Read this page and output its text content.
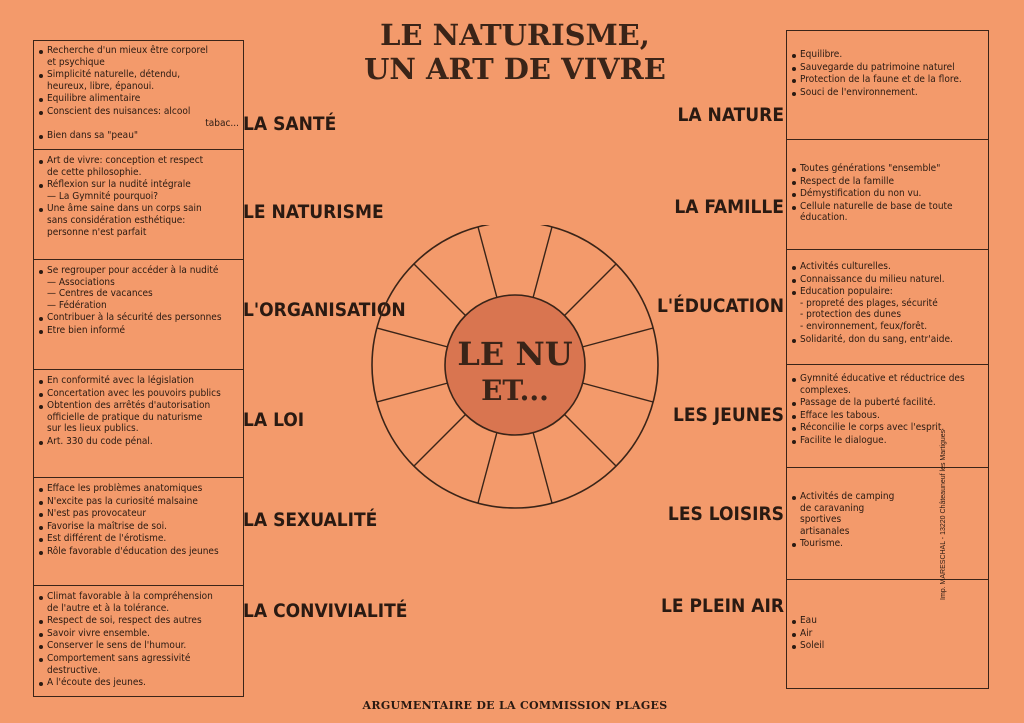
LE NATURISME,
UN ART DE VIVRE
Recherche d'un mieux être corporel
et psychique
Simplicité naturelle, détendu,
heureux, libre, épanoui.
Equilibre alimentaire
Conscient des nuisances: alcool
tabac...
Bien dans sa "peau"
Art de vivre: conception et respect
de cette philosophie.
Réflexion sur la nudité intégrale
— La Gymnité pourquoi?
Une âme saine dans un corps sain
sans considération esthétique:
personne n'est parfait
Se regrouper pour accéder à la nudité
— Associations
— Centres de vacances
— Fédération
Contribuer à la sécurité des personnes
Etre bien informé
En conformité avec la législation
Concertation avec les pouvoirs publics
Obtention des arrêtés d'autorisation
officielle de pratique du naturisme
sur les lieux publics.
Art. 330 du code pénal.
Efface les problèmes anatomiques
N'excite pas la curiosité malsaine
N'est pas provocateur
Favorise la maîtrise de soi.
Est différent de l'érotisme.
Rôle favorable d'éducation des jeunes
Climat favorable à la compréhension
de l'autre et à la tolérance.
Respect de soi, respect des autres
Savoir vivre ensemble.
Conserver le sens de l'humour.
Comportement sans agressivité
destructive.
A l'écoute des jeunes.
Equilibre.
Sauvegarde du patrimoine naturel
Protection de la faune et de la flore.
Souci de l'environnement.
Toutes générations "ensemble"
Respect de la famille
Démystification du non vu.
Cellule naturelle de base de toute
éducation.
Activités culturelles.
Connaissance du milieu naturel.
Education populaire:
- propreté des plages, sécurité
- protection des dunes
- environnement, feux/forêt.
Solidarité, don du sang, entr'aide.
Gymnité éducative et réductrice des
complexes.
Passage de la puberté facilité.
Efface les tabous.
Réconcilie le corps avec l'esprit.
Facilite le dialogue.
Activités de camping
de caravaning
sportives
artisanales
Tourisme.
Eau
Air
Soleil
LA SANTÉ
LE NATURISME
L'ORGANISATION
LA LOI
LA SEXUALITÉ
LA CONVIVIALITÉ
LA NATURE
LA FAMILLE
L'ÉDUCATION
LES JEUNES
LES LOISIRS
LE PLEIN AIR
LE NU
ET...
ARGUMENTAIRE DE LA COMMISSION PLAGES
Imp. MARESCHAL - 13220 Châteauneuf les Martigues
